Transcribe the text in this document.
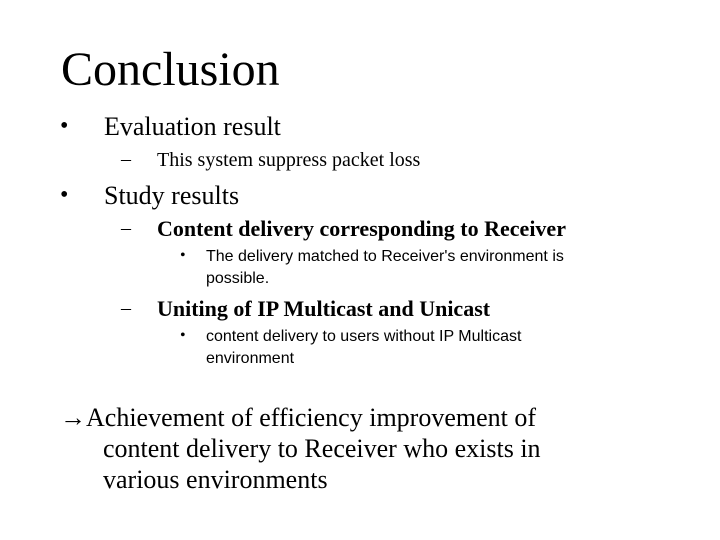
Conclusion
• Evaluation result
– This system suppress packet loss
• Study results
– Content delivery corresponding to Receiver
• The delivery matched to Receiver's environment is possible.
– Uniting of IP Multicast and Unicast
• content delivery to users without IP Multicast environment
→Achievement of efficiency improvement of
content delivery to Receiver who exists in
various environments
